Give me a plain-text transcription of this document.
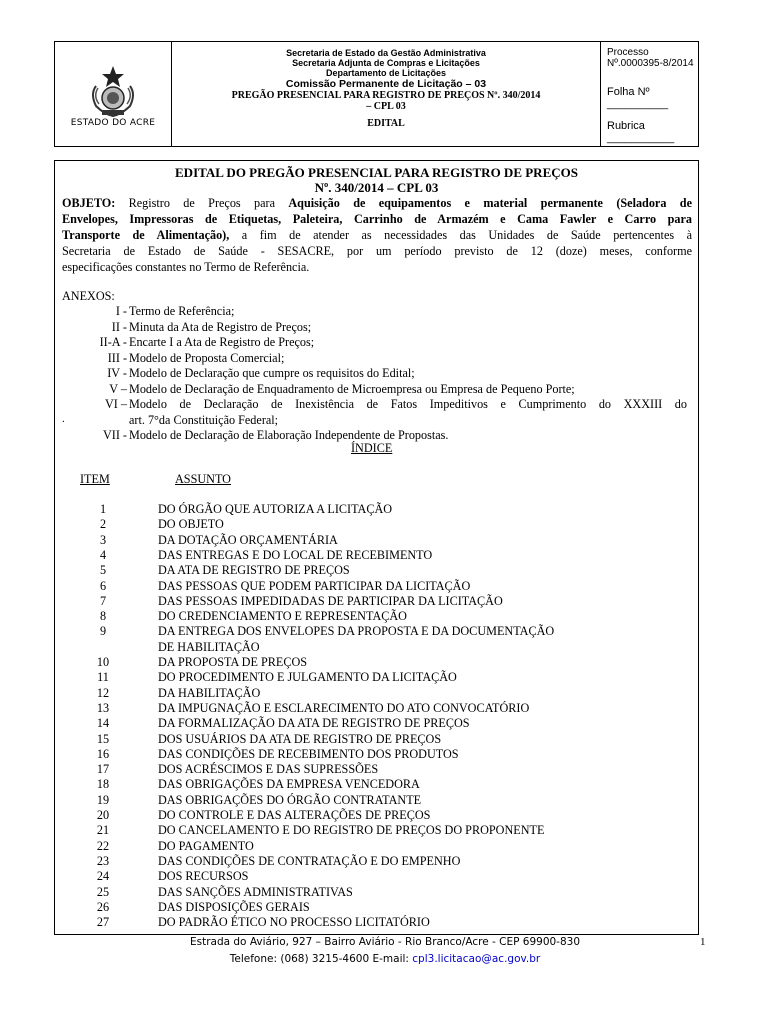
ESTADO DO ACRE
Secretaria de Estado da Gestão Administrativa
Secretaria Adjunta de Compras e Licitações
Departamento de Licitações
Comissão Permanente de Licitação – 03
PREGÃO PRESENCIAL PARA REGISTRO DE PREÇOS Nº. 340/2014
– CPL 03
EDITAL
Processo Nº.0000395-8/2014
Folha Nº __________
Rubrica ___________
EDITAL DO PREGÃO PRESENCIAL PARA REGISTRO DE PREÇOS
Nº. 340/2014 – CPL 03
OBJETO: Registro de Preços para Aquisição de equipamentos e material permanente (Seladora de
Envelopes, Impressoras de Etiquetas, Paleteira, Carrinho de Armazém e Cama Fawler e Carro para
Transporte de Alimentação), a fim de atender as necessidades das Unidades de Saúde pertencentes à
Secretaria de Estado de Saúde - SESACRE, por um período previsto de 12 (doze) meses, conforme
especificações constantes no Termo de Referência.
ANEXOS:
I - Termo de Referência;
II - Minuta da Ata de Registro de Preços;
II-A - Encarte I a Ata de Registro de Preços;
III - Modelo de Proposta Comercial;
IV - Modelo de Declaração que cumpre os requisitos do Edital;
V – Modelo de Declaração de Enquadramento de Microempresa ou Empresa de Pequeno Porte;
VI – Modelo de Declaração de Inexistência de Fatos Impeditivos e Cumprimento do XXXIII do
art. 7°da Constituição Federal;
VII - Modelo de Declaração de Elaboração Independente de Propostas.
.
ÍNDICE
ITEM	ASSUNTO
1	DO ÓRGÃO QUE AUTORIZA A LICITAÇÃO
2	DO OBJETO
3	DA DOTAÇÃO ORÇAMENTÁRIA
4	DAS ENTREGAS E DO LOCAL DE RECEBIMENTO
5	DA ATA DE REGISTRO DE PREÇOS
6	DAS PESSOAS QUE PODEM PARTICIPAR DA LICITAÇÃO
7	DAS PESSOAS IMPEDIDADAS DE PARTICIPAR DA LICITAÇÃO
8	DO CREDENCIAMENTO E REPRESENTAÇÃO
9	DA ENTREGA DOS ENVELOPES DA PROPOSTA E DA DOCUMENTAÇÃO
DE HABILITAÇÃO
10	DA PROPOSTA DE PREÇOS
11	DO PROCEDIMENTO E JULGAMENTO DA LICITAÇÃO
12	DA HABILITAÇÃO
13	DA IMPUGNAÇÃO E ESCLARECIMENTO DO ATO CONVOCATÓRIO
14	DA FORMALIZAÇÃO DA ATA DE REGISTRO DE PREÇOS
15	DOS USUÁRIOS DA ATA DE REGISTRO DE PREÇOS
16	DAS CONDIÇÕES DE RECEBIMENTO DOS PRODUTOS
17	DOS ACRÉSCIMOS E DAS SUPRESSÕES
18	DAS OBRIGAÇÕES DA EMPRESA VENCEDORA
19	DAS OBRIGAÇÕES DO ÓRGÃO CONTRATANTE
20	DO CONTROLE E DAS ALTERAÇÕES DE PREÇOS
21	DO CANCELAMENTO E DO REGISTRO DE PREÇOS DO PROPONENTE
22	DO PAGAMENTO
23	DAS CONDIÇÕES DE CONTRATAÇÃO E DO EMPENHO
24	DOS RECURSOS
25	DAS SANÇÕES ADMINISTRATIVAS
26	DAS DISPOSIÇÕES GERAIS
27	DO PADRÃO ÉTICO NO PROCESSO LICITATÓRIO
Estrada do Aviário, 927 – Bairro Aviário - Rio Branco/Acre - CEP 69900-830
Telefone: (068) 3215-4600 E-mail: cpl3.licitacao@ac.gov.br
1
